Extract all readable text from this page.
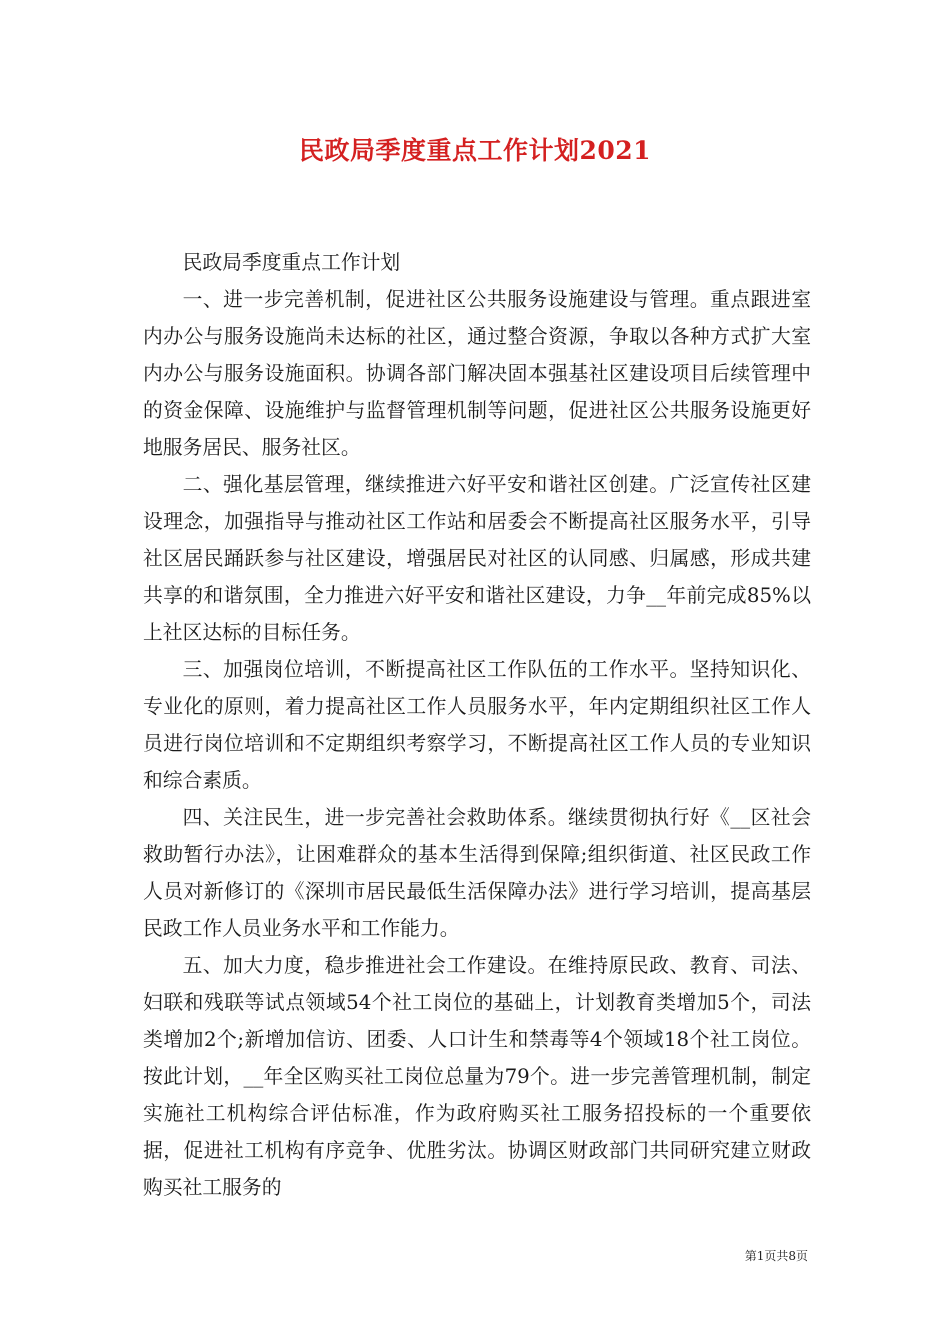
民政局季度重点工作计划2021

民政局季度重点工作计划

一、进一步完善机制，促进社区公共服务设施建设与管理。重点跟进室内办公与服务设施尚未达标的社区，通过整合资源，争取以各种方式扩大室内办公与服务设施面积。协调各部门解决固本强基社区建设项目后续管理中的资金保障、设施维护与监督管理机制等问题，促进社区公共服务设施更好地服务居民、服务社区。

二、强化基层管理，继续推进六好平安和谐社区创建。广泛宣传社区建设理念，加强指导与推动社区工作站和居委会不断提高社区服务水平，引导社区居民踊跃参与社区建设，增强居民对社区的认同感、归属感，形成共建共享的和谐氛围，全力推进六好平安和谐社区建设，力争__年前完成85%以上社区达标的目标任务。

三、加强岗位培训，不断提高社区工作队伍的工作水平。坚持知识化、专业化的原则，着力提高社区工作人员服务水平，年内定期组织社区工作人员进行岗位培训和不定期组织考察学习，不断提高社区工作人员的专业知识和综合素质。

四、关注民生，进一步完善社会救助体系。继续贯彻执行好《__区社会救助暂行办法》，让困难群众的基本生活得到保障;组织街道、社区民政工作人员对新修订的《深圳市居民最低生活保障办法》进行学习培训，提高基层民政工作人员业务水平和工作能力。

五、加大力度，稳步推进社会工作建设。在维持原民政、教育、司法、妇联和残联等试点领域54个社工岗位的基础上，计划教育类增加5个，司法类增加2个;新增加信访、团委、人口计生和禁毒等4个领域18个社工岗位。按此计划，__年全区购买社工岗位总量为79个。进一步完善管理机制，制定实施社工机构综合评估标准，作为政府购买社工服务招投标的一个重要依据，促进社工机构有序竞争、优胜劣汰。协调区财政部门共同研究建立财政购买社工服务的

第1页共8页
